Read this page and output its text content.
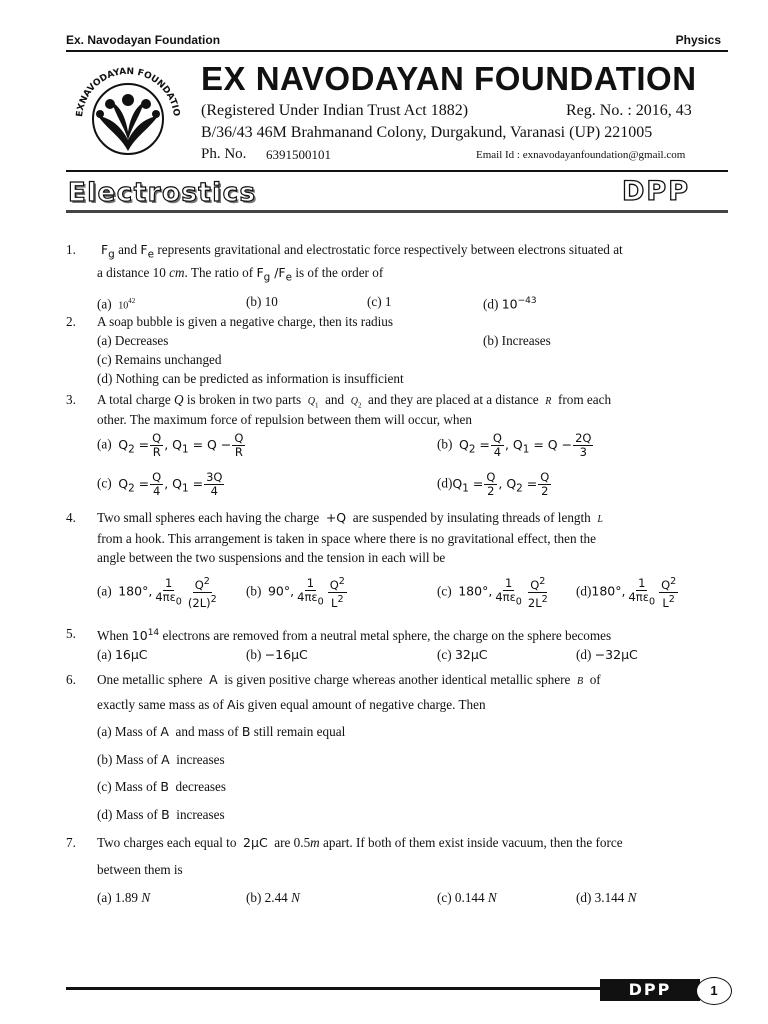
Ex. Navodayan Foundation	Physics
EXNAVODAYAN FOUNDATIO
EX NAVODAYAN FOUNDATION
(Registered Under Indian Trust Act 1882)	Reg. No. : 2016, 43
B/36/43 46M Brahmanand Colony, Durgakund, Varanasi (UP) 221005
Ph. No. 6391500101	Email Id : exnavodayanfoundation@gmail.com
Electrostics	DPP
1. $F_g$ and $F_e$ represents gravitational and electrostatic force respectively between electrons situated at
a distance 10 cm. The ratio of $F_g$ $/F_e$ is of the order of
(a) $10^{42}$	(b) 10	(c) 1	(d) $10^{-43}$
2. A soap bubble is given a negative charge, then its radius
(a) Decreases	(b) Increases
(c) Remains unchanged
(d) Nothing can be predicted as information is insufficient
3. A total charge Q is broken in two parts $Q_1$ and $Q_2$ and they are placed at a distance R from each
other. The maximum force of repulsion between them will occur, when
(a) $Q_2 = \frac{Q}{R}$ , $Q_1 = Q - \frac{Q}{R}$	(b) $Q_2 = \frac{Q}{4}$ , $Q_1 = Q - \frac{2Q}{3}$
(c) $Q_2 = \frac{Q}{4}$ , $Q_1 = \frac{3Q}{4}$	$(d)Q_1 = \frac{Q}{2}$ , $Q_2 = \frac{Q}{2}$
4. Two small spheres each having the charge +Q are suspended by insulating threads of length L
from a hook. This arrangement is taken in space where there is no gravitational effect, then the
angle between the two suspensions and the tension in each will be
(a) 180°, $\frac{1}{4\pi\varepsilon_0} \frac{Q^2}{(2L)^2} (b)$ 90°, $\frac{1}{4\pi\varepsilon_0} \frac{Q^2}{L^2}$	(c) 180°, $\frac{1}{4\pi\varepsilon_0} \frac{Q^2}{2L^2} (d)180^\circ$, $\frac{1}{4\pi\varepsilon_0} \frac{Q^2}{L^2}$
5. When $10^{14}$ electrons are removed from a neutral metal sphere, the charge on the sphere becomes
(a) 16μC	(b) −16μC	(c) 32μC	(d) −32μC
6. One metallic sphere A is given positive charge whereas another identical metallic sphere B of
exactly same mass as of Ais given equal amount of negative charge. Then
(a) Mass of A and mass of B still remain equal
(b) Mass of A increases
(c) Mass of B decreases
(d) Mass of B increases
7. Two charges each equal to 2μC are 0.5m apart. If both of them exist inside vacuum, then the force
between them is
(a) 1.89 N	(b) 2.44 N	(c) 0.144 N	(d) 3.144 N
DPP	1
